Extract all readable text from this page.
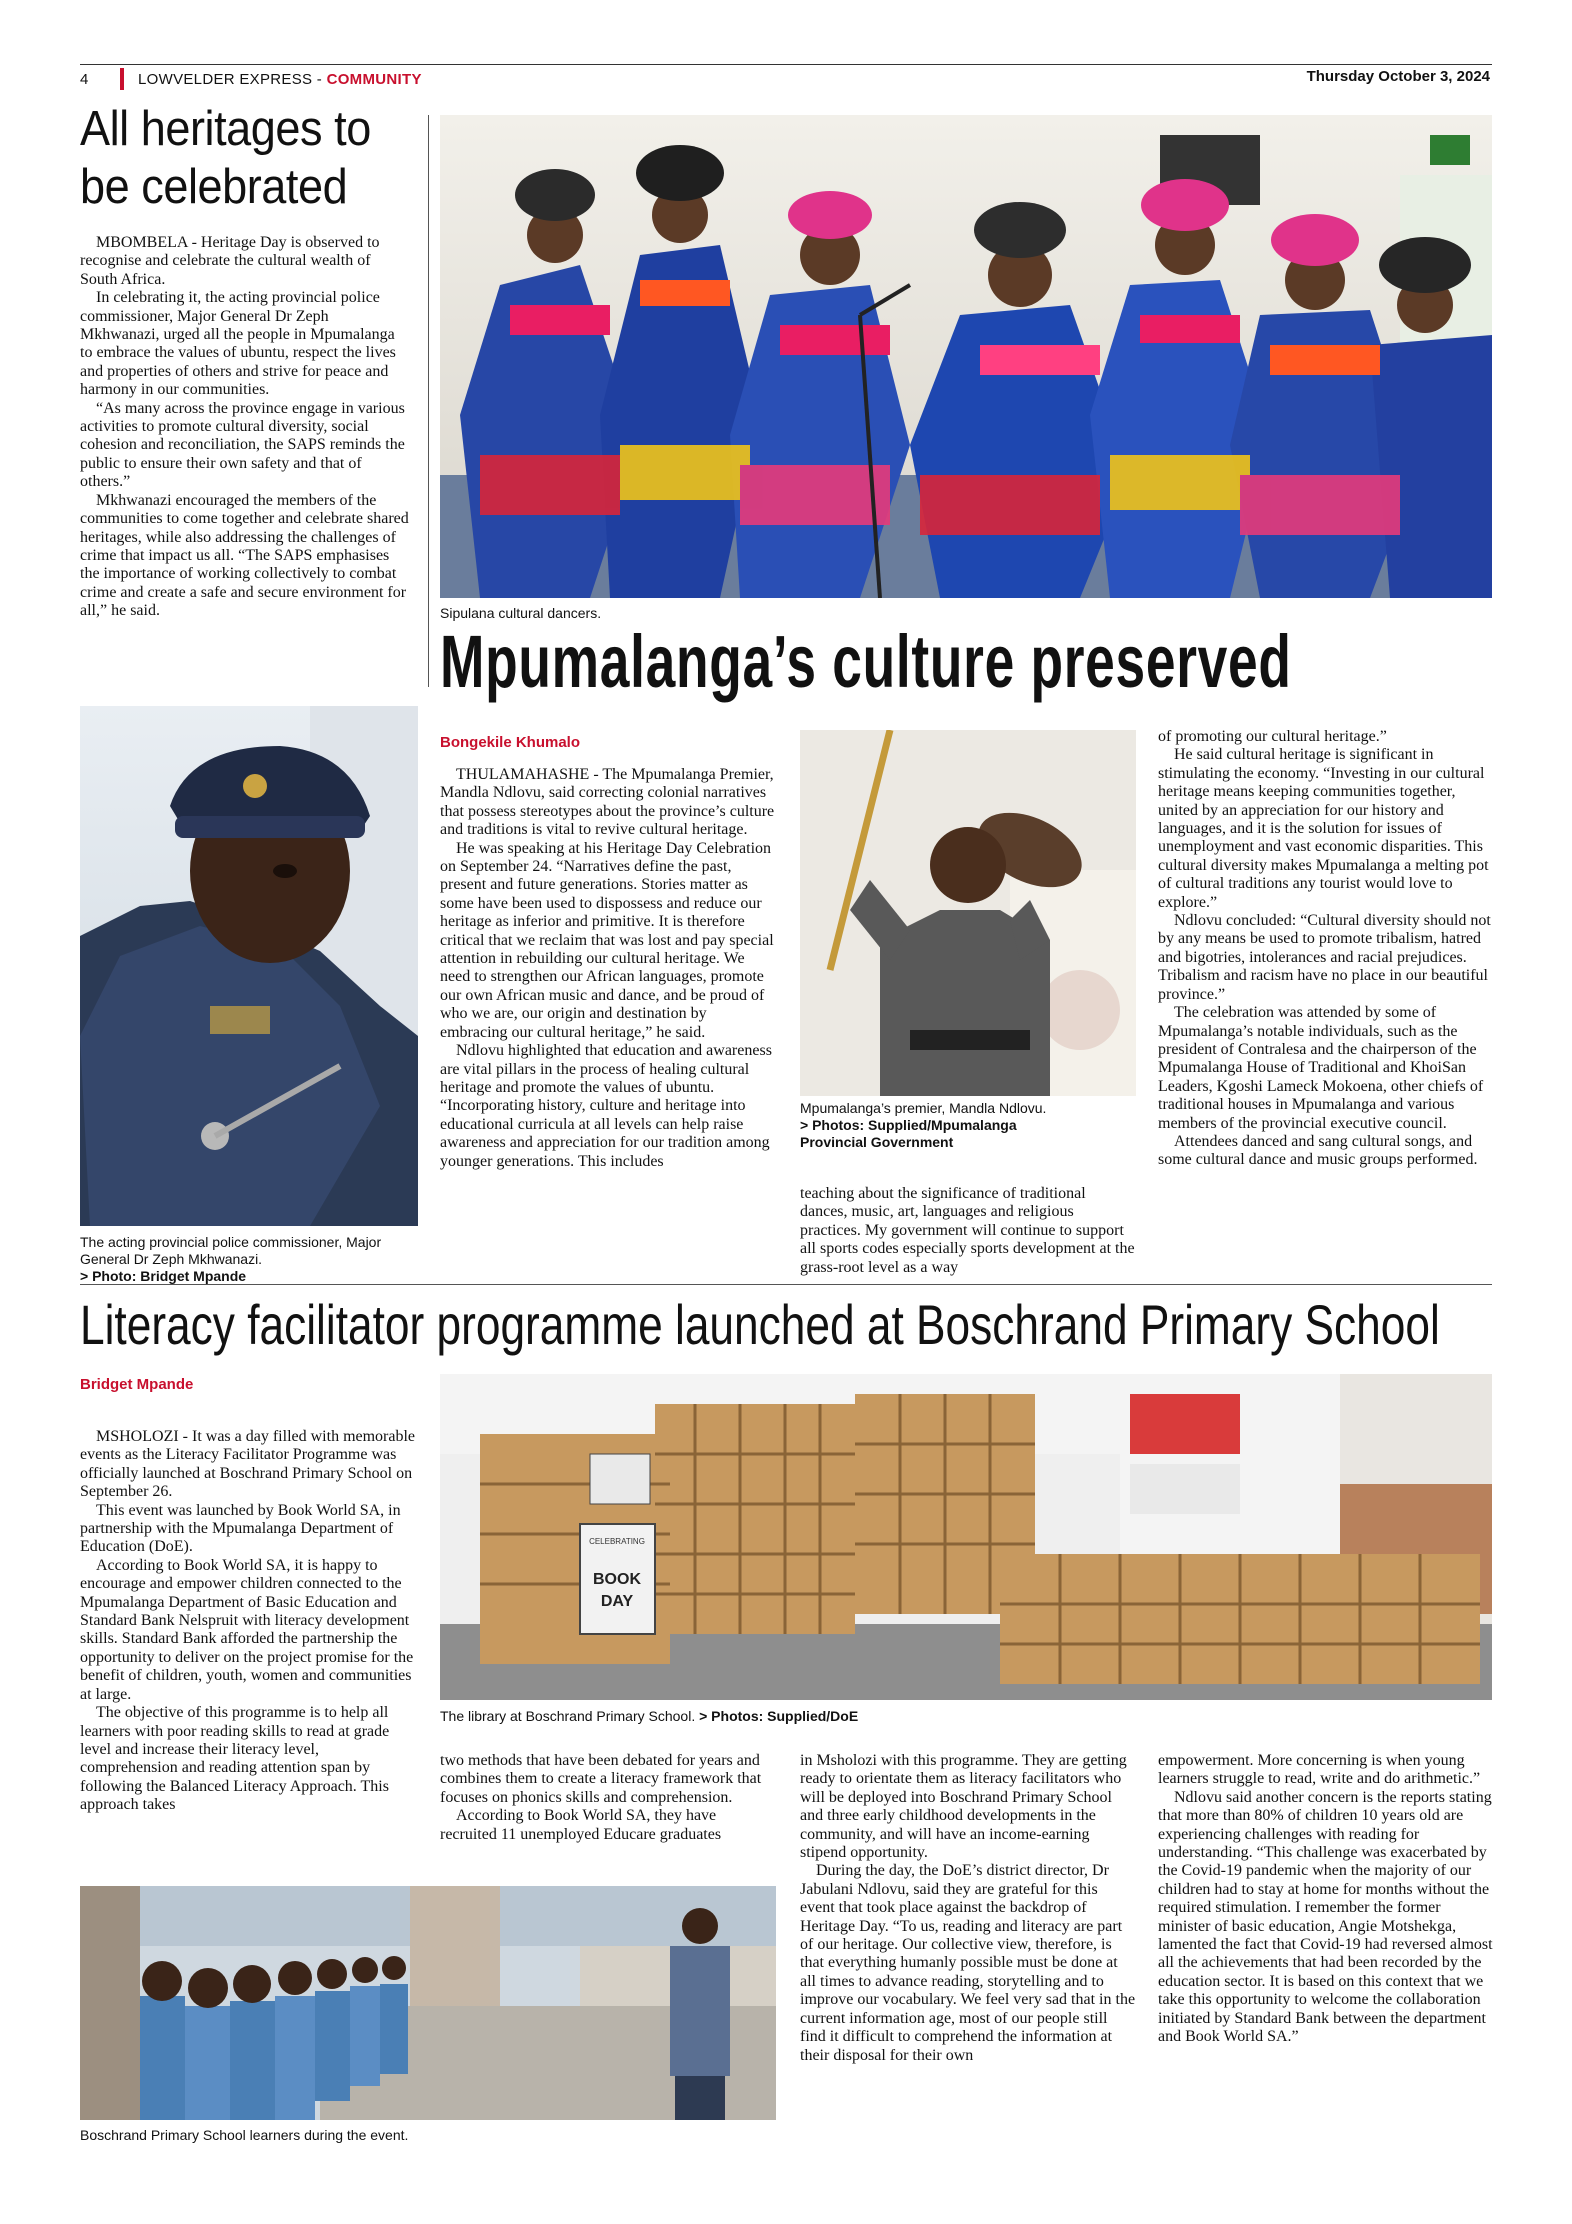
4	LOWVELDER EXPRESS - COMMUNITY	Thursday October 3, 2024
All heritages to be celebrated

MBOMBELA - Heritage Day is observed to recognise and celebrate the cultural wealth of South Africa.

In celebrating it, the acting provincial police commissioner, Major General Dr Zeph Mkhwanazi, urged all the people in Mpumalanga to embrace the values of ubuntu, respect the lives and properties of others and strive for peace and harmony in our communities.

“As many across the province engage in various activities to promote cultural diversity, social cohesion and reconciliation, the SAPS reminds the public to ensure their own safety and that of others.”

Mkhwanazi encouraged the members of the communities to come together and celebrate shared heritages, while also addressing the challenges of crime that impact us all. “The SAPS emphasises the importance of working collectively to combat crime and create a safe and secure environment for all,” he said.

The acting provincial police commissioner, Major General Dr Zeph Mkhwanazi.
> Photo: Bridget Mpande
Sipulana cultural dancers.
Mpumalanga’s culture preserved
Bongekile Khumalo

THULAMAHASHE - The Mpumalanga Premier, Mandla Ndlovu, said correcting colonial narratives that possess stereotypes about the province’s culture and traditions is vital to revive cultural heritage.

He was speaking at his Heritage Day Celebration on September 24. “Narratives define the past, present and future generations. Stories matter as some have been used to dispossess and reduce our heritage as inferior and primitive. It is therefore critical that we reclaim that was lost and pay special attention in rebuilding our cultural heritage. We need to strengthen our African languages, promote our own African music and dance, and be proud of who we are, our origin and destination by embracing our cultural heritage,” he said.

Ndlovu highlighted that education and awareness are vital pillars in the process of healing cultural heritage and promote the values of ubuntu. “Incorporating history, culture and heritage into educational curricula at all levels can help raise awareness and appreciation for our tradition among younger generations. This includes

Mpumalanga’s premier, Mandla Ndlovu.
> Photos: Supplied/Mpumalanga
Provincial Government

teaching about the significance of traditional dances, music, art, languages and religious practices. My government will continue to support all sports codes especially sports development at the grass-root level as a way

of promoting our cultural heritage.”

He said cultural heritage is significant in stimulating the economy. “Investing in our cultural heritage means keeping communities together, united by an appreciation for our history and languages, and it is the solution for issues of unemployment and vast economic disparities. This cultural diversity makes Mpumalanga a melting pot of cultural traditions any tourist would love to explore.”

Ndlovu concluded: “Cultural diversity should not by any means be used to promote tribalism, hatred and bigotries, intolerances and racial prejudices. Tribalism and racism have no place in our beautiful province.”

The celebration was attended by some of Mpumalanga’s notable individuals, such as the president of Contralesa and the chairperson of the Mpumalanga House of Traditional and KhoiSan Leaders, Kgoshi Lameck Mokoena, other chiefs of traditional houses in Mpumalanga and various members of the provincial executive council.

Attendees danced and sang cultural songs, and some cultural dance and music groups performed.

Literacy facilitator programme launched at Boschrand Primary School
Bridget Mpande

MSHOLOZI - It was a day filled with memorable events as the Literacy Facilitator Programme was officially launched at Boschrand Primary School on September 26.

This event was launched by Book World SA, in partnership with the Mpumalanga Department of Education (DoE).

According to Book World SA, it is happy to encourage and empower children connected to the Mpumalanga Department of Basic Education and Standard Bank Nelspruit with literacy development skills. Standard Bank afforded the partnership the opportunity to deliver on the project promise for the benefit of children, youth, women and communities at large.

The objective of this programme is to help all learners with poor reading skills to read at grade level and increase their literacy level, comprehension and reading attention span by following the Balanced Literacy Approach. This approach takes

CELEBRATING
BOOK
DAY
The library at Boschrand Primary School. > Photos: Supplied/DoE

two methods that have been debated for years and combines them to create a literacy framework that focuses on phonics skills and comprehension.

According to Book World SA, they have recruited 11 unemployed Educare graduates

in Msholozi with this programme. They are getting ready to orientate them as literacy facilitators who will be deployed into Boschrand Primary School and three early childhood developments in the community, and will have an income-earning stipend opportunity.

During the day, the DoE’s district director, Dr Jabulani Ndlovu, said they are grateful for this event that took place against the backdrop of Heritage Day. “To us, reading and literacy are part of our heritage. Our collective view, therefore, is that everything humanly possible must be done at all times to advance reading, storytelling and to improve our vocabulary. We feel very sad that in the current information age, most of our people still find it difficult to comprehend the information at their disposal for their own

empowerment. More concerning is when young learners struggle to read, write and do arithmetic.”

Ndlovu said another concern is the reports stating that more than 80% of children 10 years old are experiencing challenges with reading for understanding. “This challenge was exacerbated by the Covid-19 pandemic when the majority of our children had to stay at home for months without the required stimulation. I remember the former minister of basic education, Angie Motshekga, lamented the fact that Covid-19 had reversed almost all the achievements that had been recorded by the education sector. It is based on this context that we take this opportunity to welcome the collaboration initiated by Standard Bank between the department and Book World SA.”

Boschrand Primary School learners during the event.
